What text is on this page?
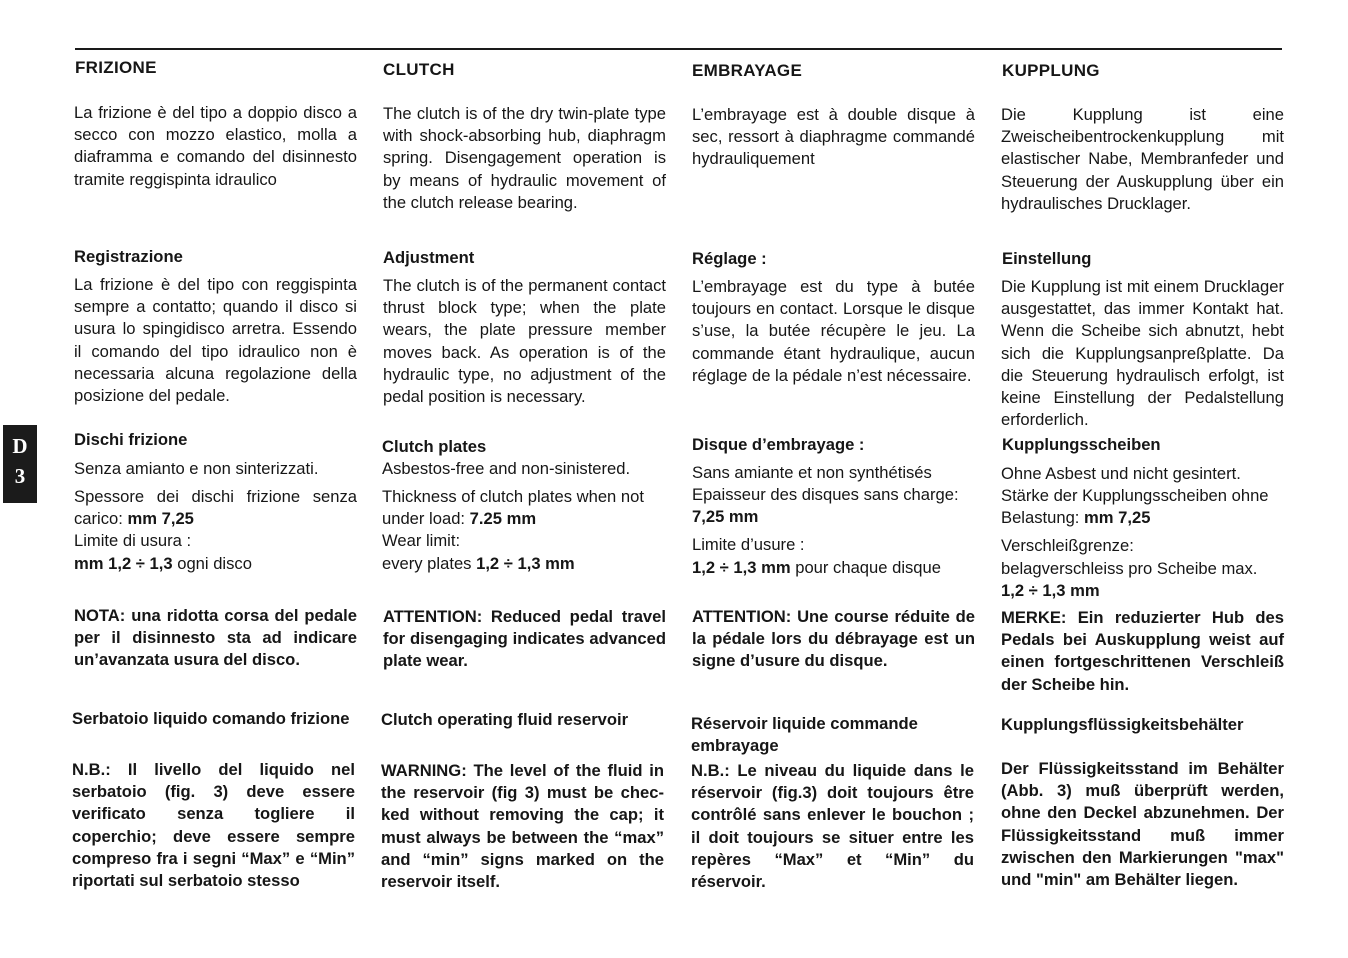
D
3
FRIZIONE
La frizione è del tipo a doppio disco a secco con mozzo elastico, molla a diaframma e comando del disinnesto tramite reggispinta idraulico
Registrazione
La frizione è del tipo con reggispinta sempre a contatto; quando il disco si usura lo spingidisco arretra. Essendo il comando del tipo idraulico non è necessaria alcuna regolazione della posizione del pedale.
Dischi frizione
Senza amianto e non sinterizzati.
Spessore dei dischi frizione senza carico: mm 7,25
Limite di usura :
mm 1,2 ÷ 1,3 ogni disco
NOTA: una ridotta corsa del pedale per il disinnesto sta ad indicare un’avanzata usura del disco.
Serbatoio liquido comando frizione
N.B.: Il livello del liquido nel serbatoio (fig. 3) deve essere verificato senza togliere il coperchio; deve essere sempre compreso fra i segni “Max” e “Min” riportati sul serbatoio stesso
CLUTCH
The clutch is of the dry twin-plate type with shock-absorbing hub, diaphragm spring. Disengagement operation is by means of hydraulic movement of the clutch release bearing.
Adjustment
The clutch is of the permanent contact thrust block type; when the plate wears, the plate pressure member moves back. As operation is of the hydraulic type, no adjustment of the pedal position is necessary.
Clutch plates
Asbestos-free and non-sinistered.
Thickness of clutch plates when not under load: 7.25 mm
Wear limit:
every plates 1,2 ÷ 1,3 mm
ATTENTION: Reduced pedal travel for disengaging indicates advanced plate wear.
Clutch operating fluid reservoir
WARNING: The level of the fluid in the reservoir (fig 3) must be chec-ked without removing the cap; it must always be between the “max” and “min” signs marked on the reservoir itself.
EMBRAYAGE
L’embrayage est à double disque à sec, ressort à diaphragme commandé hydrauliquement
Réglage :
L’embrayage est du type à butée toujours en contact. Lorsque le disque s’use, la butée récupère le jeu. La commande étant hydraulique, aucun réglage de la pédale n’est nécessaire.
Disque d’embrayage :
Sans amiante et non synthétisés
Epaisseur des disques sans charge:
7,25 mm
Limite d’usure :
1,2 ÷ 1,3 mm pour chaque disque
ATTENTION: Une course réduite de la pédale lors du débrayage est un signe d’usure du disque.
Réservoir liquide commande embrayage
N.B.: Le niveau du liquide dans le réservoir (fig.3) doit toujours être contrôlé sans enlever le bouchon ; il doit toujours se situer entre les repères “Max” et “Min” du réservoir.
KUPPLUNG
Die Kupplung ist eine Zweischeibentrockenkupplung mit elastischer Nabe, Membranfeder und Steuerung der Auskupplung über ein hydraulisches Drucklager.
Einstellung
Die Kupplung ist mit einem Drucklager ausgestattet, das immer Kontakt hat. Wenn die Scheibe sich abnutzt, hebt sich die Kupplungsanpreßplatte. Da die Steuerung hydraulisch erfolgt, ist keine Einstellung der Pedalstellung erforderlich.
Kupplungsscheiben
Ohne Asbest und nicht gesintert.
Stärke der Kupplungsscheiben ohne Belastung: mm 7,25
Verschleißgrenze:
belagverschleiss pro Scheibe max. 1,2 ÷ 1,3 mm
MERKE: Ein reduzierter Hub des Pedals bei Auskupplung weist auf einen fortgeschrittenen Verschleiß der Scheibe hin.
Kupplungsflüssigkeitsbehälter
Der Flüssigkeitsstand im Behälter (Abb. 3) muß überprüft werden, ohne den Deckel abzunehmen. Der Flüssigkeitsstand muß immer zwischen den Markierungen "max" und "min" am Behälter liegen.
